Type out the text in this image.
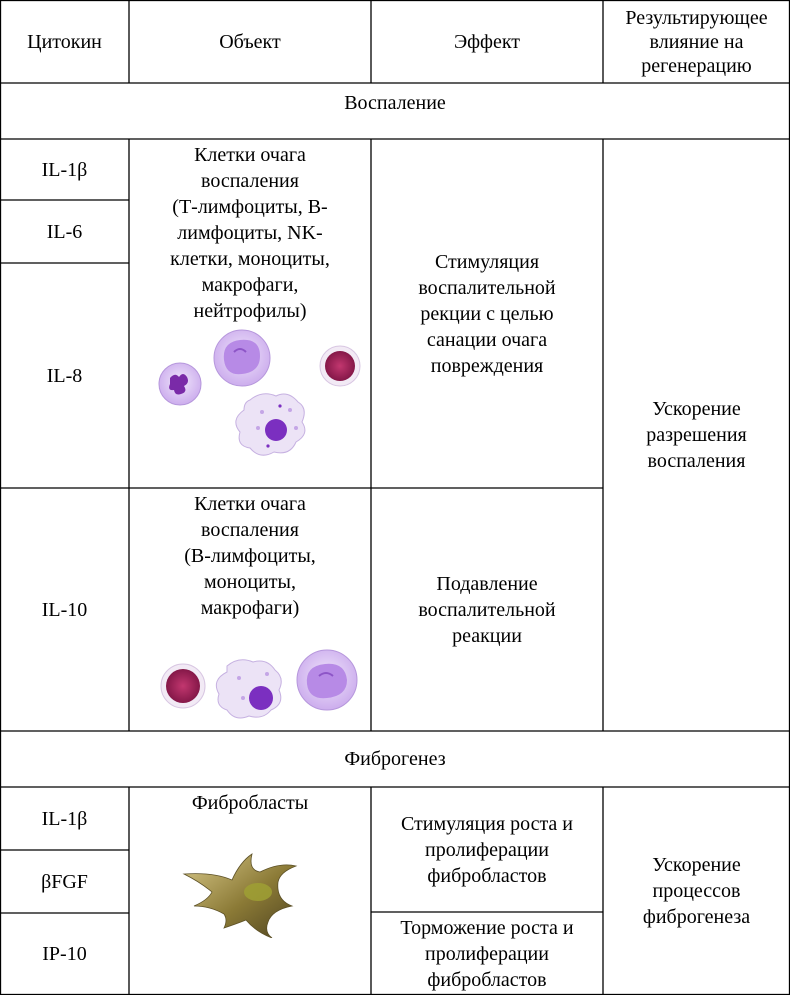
Цитокин	Объект	Эффект
Результирующее
влияние на
регенерацию
Воспаление
IL-1β
IL-6
IL-8
IL-10
Клетки очага
воспаления
(Т-лимфоциты, В-
лимфоциты, NK-
клетки, моноциты,
макрофаги,
нейтрофилы)
Стимуляция
воспалительной
рекции с целью
санации очага
повреждения
Клетки очага
воспаления
(В-лимфоциты,
моноциты,
макрофаги)
Подавление
воспалительной
реакции
Ускорение
разрешения
воспаления
Фиброгенез
IL-1β
βFGF
IP-10
Фибробласты
Стимуляция роста и
пролиферации
фибробластов
Торможение роста и
пролиферации
фибробластов
Ускорение
процессов
фиброгенеза
